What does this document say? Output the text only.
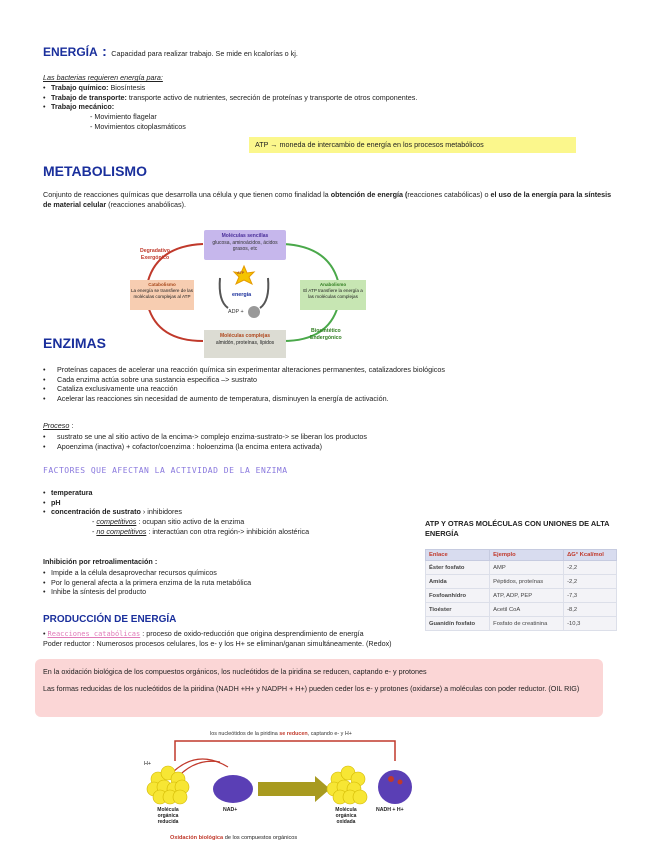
ENERGÍA : Capacidad para realizar trabajo. Se mide en kcalorías o kj.
Las bacterias requieren energía para:
• Trabajo químico: Biosíntesis
• Trabajo de transporte: transporte activo de nutrientes, secreción de proteínas y transporte de otros componentes.
• Trabajo mecánico:
- Movimiento flagelar
- Movimientos citoplasmáticos
ATP → moneda de intercambio de energía en los procesos metabólicos
METABOLISMO
Conjunto de reacciones químicas que desarrolla una célula y que tienen como finalidad la obtención de energía (reacciones catabólicas) o el uso de la energía para la síntesis de material celular (reacciones anabólicas).
Moléculas sencillas
glucosa, aminoácidos, ácidos grasos, etc
Catabolismo
La energía se transfiere de las moléculas complejas al ATP
Anabolismo
El ATP transfiere la energía a las moléculas complejas
Moléculas complejas
almidón, proteínas, lípidos
Degradativo
Exergónico
Biosintético
Endergónico
ATP
energía
ADP +
ENZIMAS
• Proteínas capaces de acelerar una reacción química sin experimentar alteraciones permanentes, catalizadores biológicos
• Cada enzima actúa sobre una sustancia especifica –> sustrato
• Cataliza exclusivamente una reacción
• Acelerar las reacciones sin necesidad de aumento de temperatura, disminuyen la energía de activación.
Proceso :
• sustrato se une al sitio activo de la encima-> complejo enzima-sustrato-> se liberan los productos
• Apoenzima (inactiva) + cofactor/coenzima : holoenzima (la encima entera activada)
FACTORES QUE AFECTAN LA ACTIVIDAD DE LA ENZIMA
• temperatura
• pH
• concentración de sustrato › inhibidores
- competitivos : ocupan sitio activo de la enzima
- no competitivos : interactúan con otra región-> inhibición alostérica
Inhibición por retroalimentación :
• Impide a la célula desaprovechar recursos químicos
• Por lo general afecta a la primera enzima de la ruta metabólica
• Inhibe la síntesis del producto
ATP Y OTRAS MOLÉCULAS CON UNIONES DE ALTA ENERGÍA
Enlace	Ejemplo	ΔG° Kcal/mol
Éster fosfato	AMP	-2,2
Amida	Péptidos, proteínas	-2,2
Fosfoanhídro	ATP, ADP, PEP	-7,3
Tioéster	Acetil CoA	-8,2
Guanidín fosfato	Fosfato de creatinina	-10,3
PRODUCCIÓN DE ENERGÍA
• Reacciones catabólicas : proceso de oxido-reducción que origina desprendimiento de energía
Poder reductor : Numerosos procesos celulares, los e- y los H+ se eliminan/ganan simultáneamente. (Redox)
En la oxidación biológica de los compuestos orgánicos, los nucleótidos de la piridina se reducen, captando e- y protones
Las formas reducidas de los nucleótidos de la piridina (NADH +H+ y NADPH + H+) pueden ceder los e- y protones (oxidarse) a moléculas con poder reductor. (OIL RIG)
los nucleótidos de la piridina se reducen, captando e- y H+
H+
NAD+	NADH + H+
Molécula orgánica reducida
Molécula orgánica oxidada
Oxidación biológica de los compuestos orgánicos
